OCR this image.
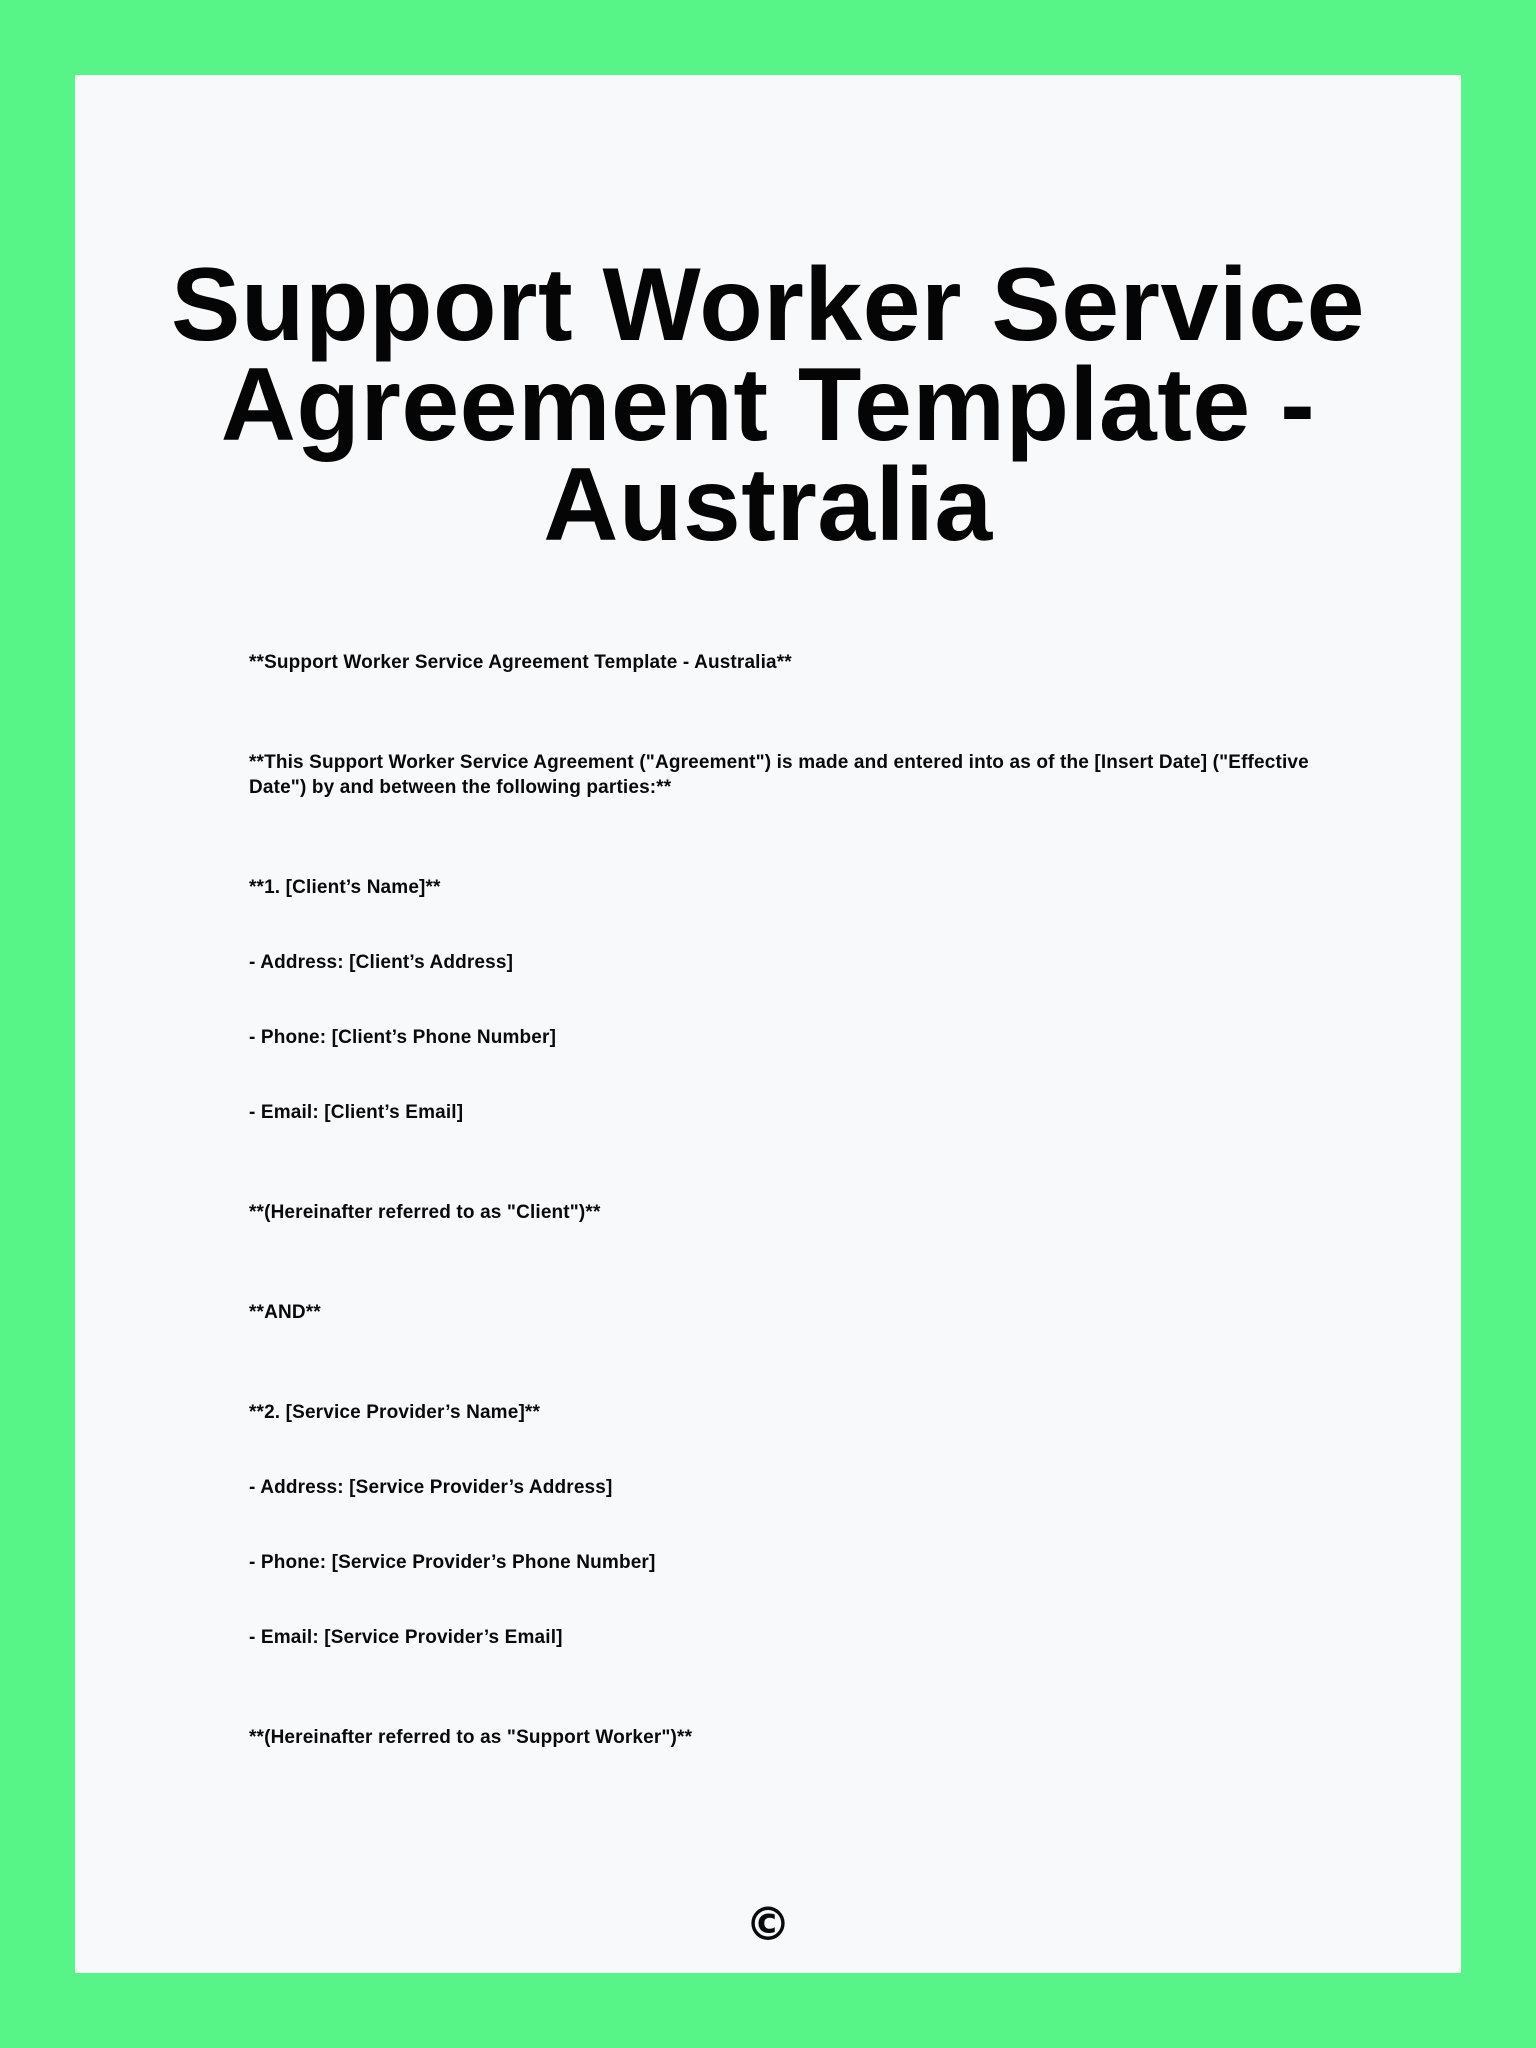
Support Worker Service Agreement Template - Australia

**Support Worker Service Agreement Template - Australia**

**This Support Worker Service Agreement ("Agreement") is made and entered into as of the [Insert Date] ("Effective Date") by and between the following parties:**

**1. [Client’s Name]**

- Address: [Client’s Address]

- Phone: [Client’s Phone Number]

- Email: [Client’s Email]

**(Hereinafter referred to as "Client")**

**AND**

**2. [Service Provider’s Name]**

- Address: [Service Provider’s Address]

- Phone: [Service Provider’s Phone Number]

- Email: [Service Provider’s Email]

**(Hereinafter referred to as "Support Worker")**

©
